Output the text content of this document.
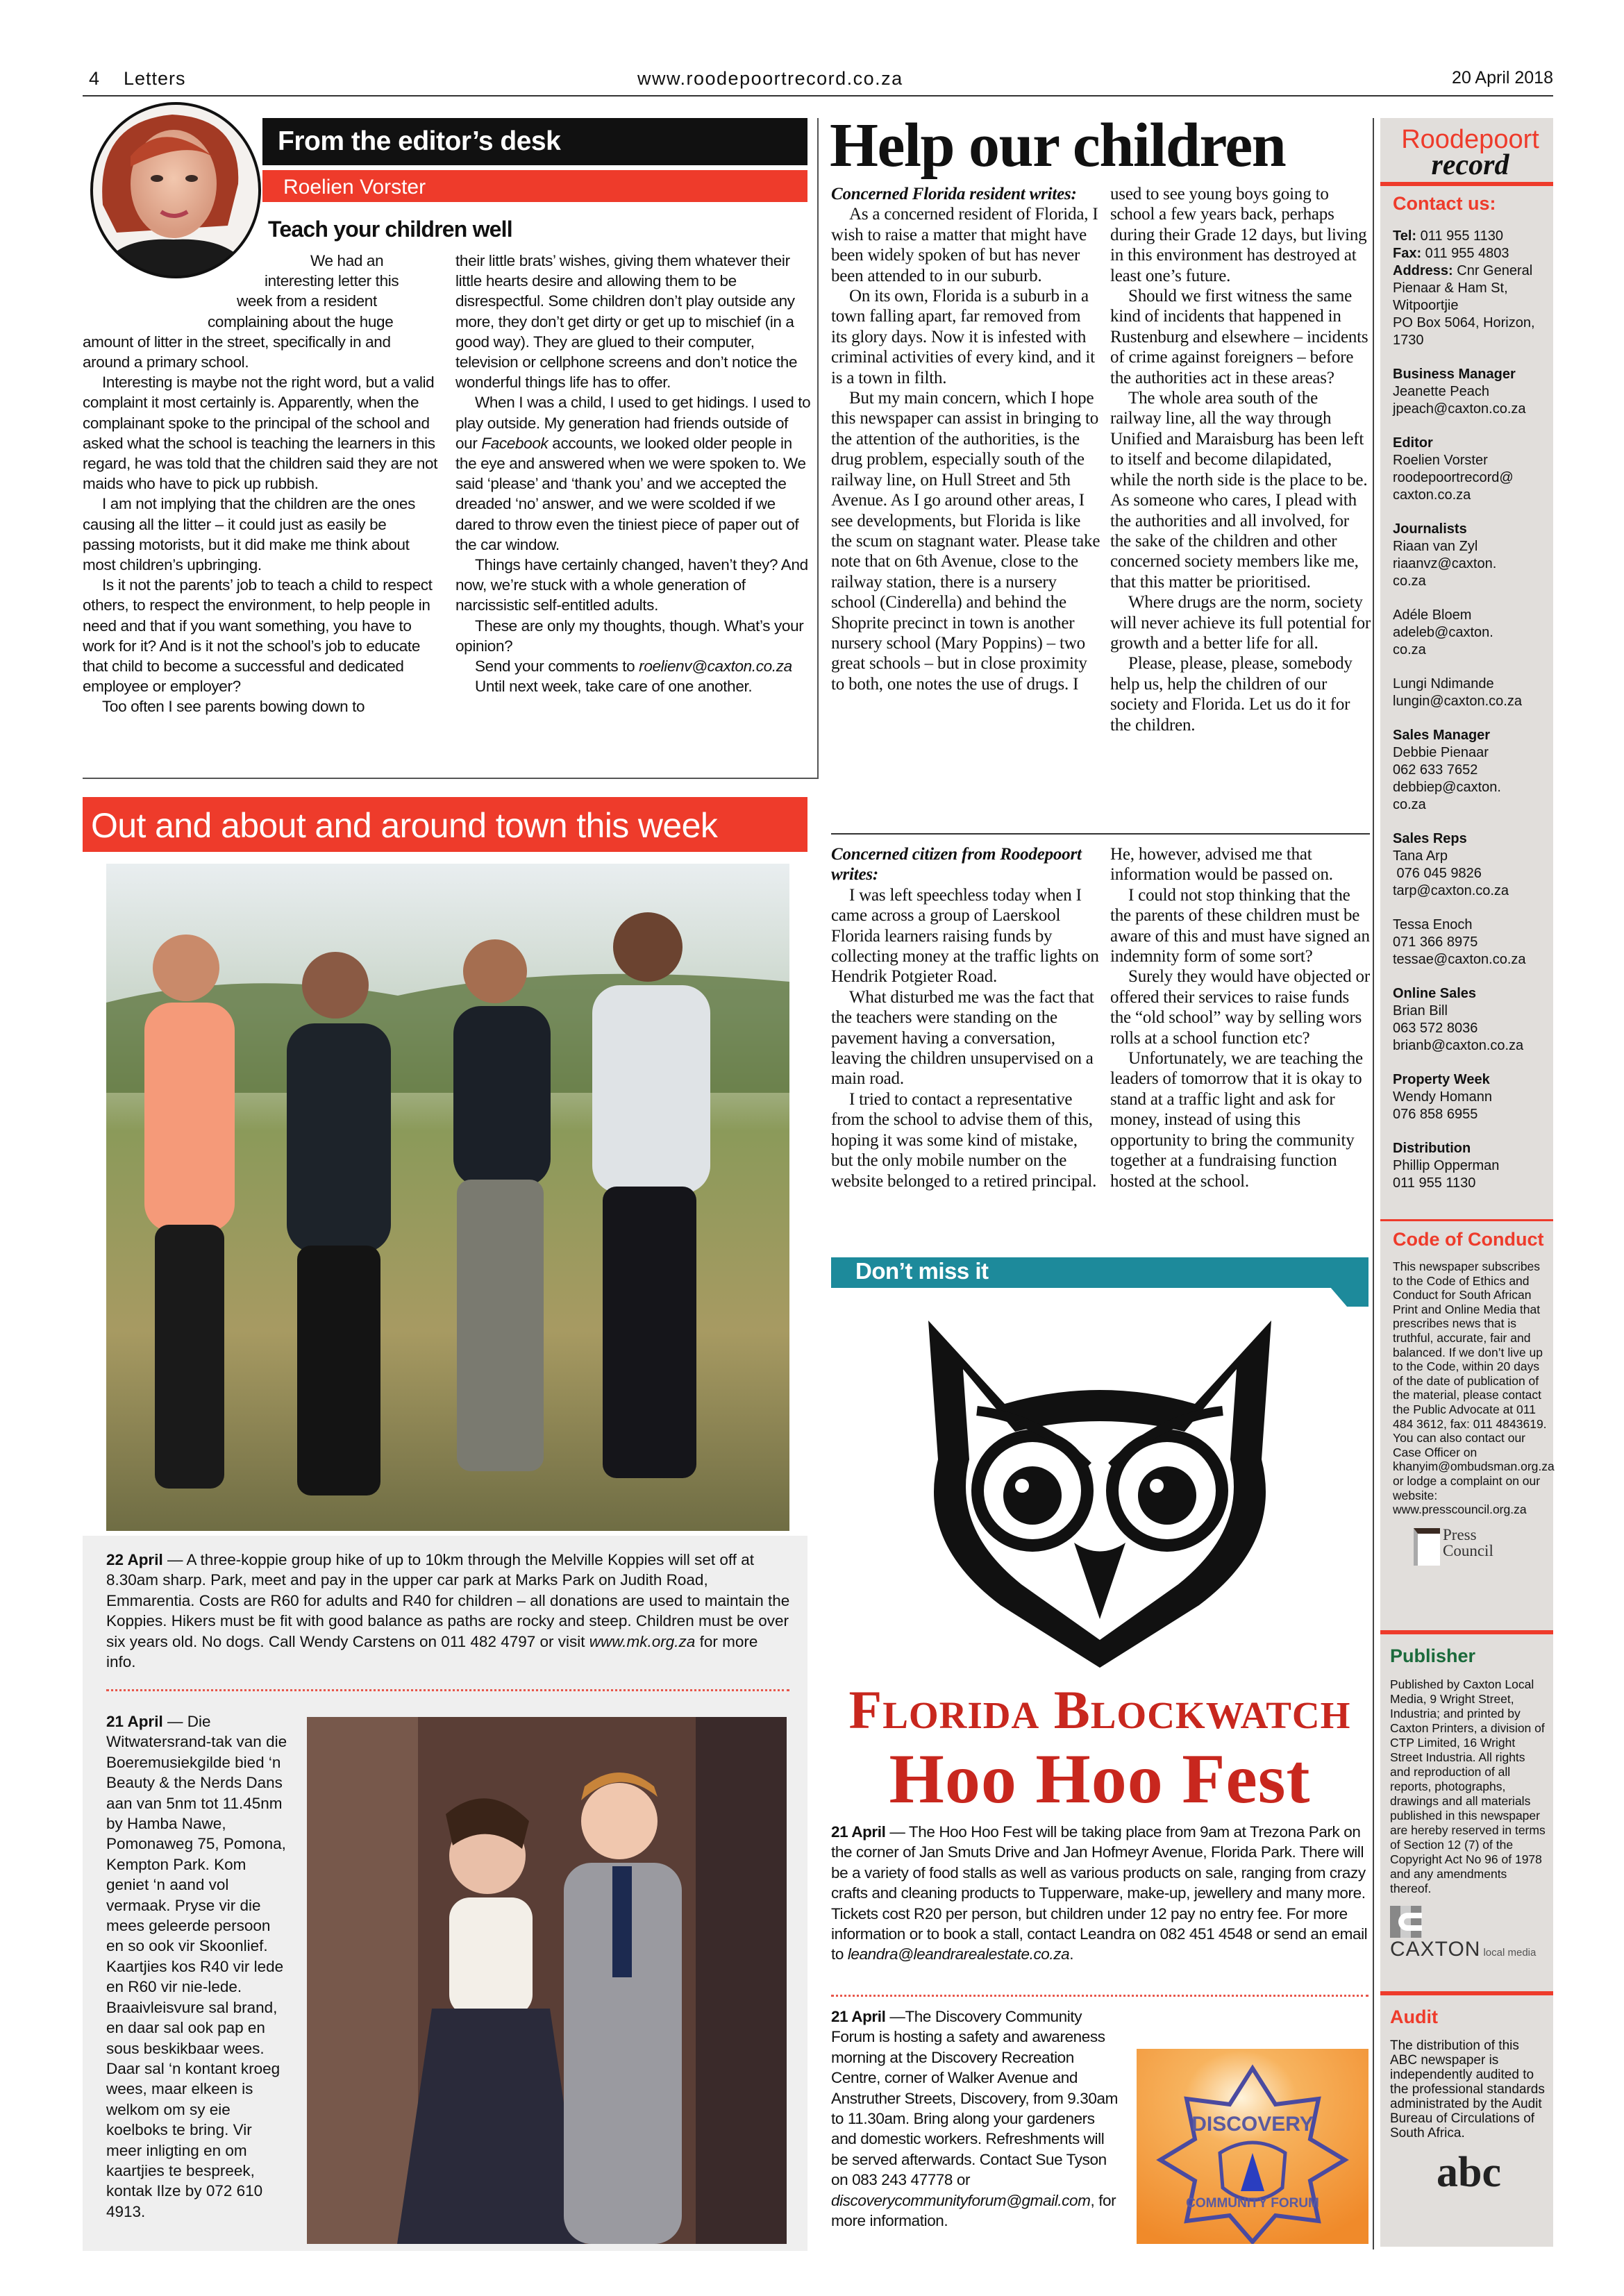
4 Letters	www.roodepoortrecord.co.za	20 April 2018
From the editor’s desk
Roelien Vorster
Teach your children well

We had an interesting letter this week from a resident complaining about the huge amount of litter in the street, specifically in and around a primary school.

Interesting is maybe not the right word, but a valid complaint it most certainly is. Apparently, when the complainant spoke to the principal of the school and asked what the school is teaching the learners in this regard, he was told that the children said they are not maids who have to pick up rubbish.

I am not implying that the children are the ones causing all the litter – it could just as easily be passing motorists, but it did make me think about most children’s upbringing.

Is it not the parents’ job to teach a child to respect others, to respect the environment, to help people in need and that if you want something, you have to work for it? And is it not the school’s job to educate that child to become a successful and dedicated employee or employer?

Too often I see parents bowing down to

their little brats’ wishes, giving them whatever their little hearts desire and allowing them to be disrespectful. Some children don’t play outside any more, they don’t get dirty or get up to mischief (in a good way). They are glued to their computer, television or cellphone screens and don’t notice the wonderful things life has to offer.

When I was a child, I used to get hidings. I used to play outside. My generation had friends outside of our Facebook accounts, we looked older people in the eye and answered when we were spoken to. We said ‘please’ and ‘thank you’ and we accepted the dreaded ‘no’ answer, and we were scolded if we dared to throw even the tiniest piece of paper out of the car window.

Things have certainly changed, haven’t they? And now, we’re stuck with a whole generation of narcissistic self-entitled adults.

These are only my thoughts, though. What’s your opinion?

Send your comments to roelienv@caxton.co.za

Until next week, take care of one another.

Out and about and around town this week
22 April — A three-koppie group hike of up to 10km through the Melville Koppies will set off at 8.30am sharp. Park, meet and pay in the upper car park at Marks Park on Judith Road, Emmarentia. Costs are R60 for adults and R40 for children – all donations are used to maintain the Koppies. Hikers must be fit with good balance as paths are rocky and steep. Children must be over six years old. No dogs. Call Wendy Carstens on 011 482 4797 or visit www.mk.org.za for more info.
21 April — Die Witwatersrand-tak van die Boeremusiekgilde bied ‘n Beauty & the Nerds Dans aan van 5nm tot 11.45nm by Hamba Nawe, Pomonaweg 75, Pomona, Kempton Park. Kom geniet ‘n aand vol vermaak. Pryse vir die mees geleerde persoon en so ook vir Skoonlief. Kaartjies kos R40 vir lede en R60 vir nie-lede. Braaivleisvure sal brand, en daar sal ook pap en sous beskikbaar wees. Daar sal ‘n kontant kroeg wees, maar elkeen is welkom om sy eie koelboks te bring. Vir meer inligting en om kaartjies te bespreek, kontak Ilze by 072 610 4913.
Help our children

Concerned Florida resident writes:

As a concerned resident of Florida, I wish to raise a matter that might have been widely spoken of but has never been attended to in our suburb.

On its own, Florida is a suburb in a town falling apart, far removed from its glory days. Now it is infested with criminal activities of every kind, and it is a town in filth.

But my main concern, which I hope this newspaper can assist in bringing to the attention of the authorities, is the drug problem, especially south of the railway line, on Hull Street and 5th Avenue. As I go around other areas, I see developments, but Florida is like the scum on stagnant water. Please take note that on 6th Avenue, close to the railway station, there is a nursery school (Cinderella) and behind the Shoprite precinct in town is another nursery school (Mary Poppins) – two great schools – but in close proximity to both, one notes the use of drugs. I

used to see young boys going to school a few years back, perhaps during their Grade 12 days, but living in this environment has destroyed at least one’s future.

Should we first witness the same kind of incidents that happened in Rustenburg and elsewhere – incidents of crime against foreigners – before the authorities act in these areas?

The whole area south of the railway line, all the way through Unified and Maraisburg has been left to itself and become dilapidated, while the north side is the place to be. As someone who cares, I plead with the authorities and all involved, for the sake of the children and other concerned society members like me, that this matter be prioritised.

Where drugs are the norm, society will never achieve its full potential for growth and a better life for all.

Please, please, please, somebody help us, help the children of our society and Florida. Let us do it for the children.

Concerned citizen from Roodepoort writes:

I was left speechless today when I came across a group of Laerskool Florida learners raising funds by collecting money at the traffic lights on Hendrik Potgieter Road.

What disturbed me was the fact that the teachers were standing on the pavement having a conversation, leaving the children unsupervised on a main road.

I tried to contact a representative from the school to advise them of this, hoping it was some kind of mistake, but the only mobile number on the website belonged to a retired principal.

He, however, advised me that information would be passed on.

I could not stop thinking that the the parents of these children must be aware of this and must have signed an indemnity form of some sort?

Surely they would have objected or offered their services to raise funds the “old school” way by selling wors rolls at a school function etc?

Unfortunately, we are teaching the leaders of tomorrow that it is okay to stand at a traffic light and ask for money, instead of using this opportunity to bring the community together at a fundraising function hosted at the school.

Don’t miss it
Florida Blockwatch
Hoo Hoo Fest
21 April — The Hoo Hoo Fest will be taking place from 9am at Trezona Park on the corner of Jan Smuts Drive and Jan Hofmeyr Avenue, Florida Park. There will be a variety of food stalls as well as various products on sale, ranging from crazy crafts and cleaning products to Tupperware, make-up, jewellery and many more. Tickets cost R20 per person, but children under 12 pay no entry fee. For more information or to book a stall, contact Leandra on 082 451 4548 or send an email to leandra@leandrarealestate.co.za.
21 April —The Discovery Community Forum is hosting a safety and awareness morning at the Discovery Recreation Centre, corner of Walker Avenue and Anstruther Streets, Discovery, from 9.30am to 11.30am. Bring along your gardeners and domestic workers. Refreshments will be served afterwards. Contact Sue Tyson on 083 243 47778 or discoverycommunityforum@gmail.com, for more information.
DISCOVERY
COMMUNITY FORUM
Roodepoort
record
Contact us:
Tel: 011 955 1130
Fax: 011 955 4803
Address: Cnr General Pienaar & Ham St, Witpoortjie
PO Box 5064, Horizon, 1730
Business Manager
Jeanette Peach
jpeach@caxton.co.za
Editor
Roelien Vorster
roodepoortrecord@
caxton.co.za
Journalists
Riaan van Zyl
riaanvz@caxton.
co.za
Adéle Bloem
adeleb@caxton.
co.za
Lungi Ndimande
lungin@caxton.co.za
Sales Manager
Debbie Pienaar
062 633 7652
debbiep@caxton.
co.za
Sales Reps
Tana Arp
076 045 9826
tarp@caxton.co.za
Tessa Enoch
071 366 8975
tessae@caxton.co.za
Online Sales
Brian Bill
063 572 8036
brianb@caxton.co.za
Property Week
Wendy Homann
076 858 6955
Distribution
Phillip Opperman
011 955 1130
Code of Conduct
This newspaper subscribes to the Code of Ethics and Conduct for South African Print and Online Media that prescribes news that is truthful, accurate, fair and balanced. If we don’t live up to the Code, within 20 days of the date of publication of the material, please contact the Public Advocate at 011 484 3612, fax: 011 4843619. You can also contact our Case Officer on khanyim@ombudsman.org.za or lodge a complaint on our website: www.presscouncil.org.za
Press Council
Publisher
Published by Caxton Local Media, 9 Wright Street, Industria; and printed by Caxton Printers, a division of CTP Limited, 16 Wright Street Industria. All rights and reproduction of all reports, photographs, drawings and all materials published in this newspaper are hereby reserved in terms of Section 12 (7) of the Copyright Act No 96 of 1978 and any amendments thereof.
CAXTON local media
Audit
The distribution of this ABC newspaper is independently audited to the professional standards administrated by the Audit Bureau of Circulations of South Africa.
abc
